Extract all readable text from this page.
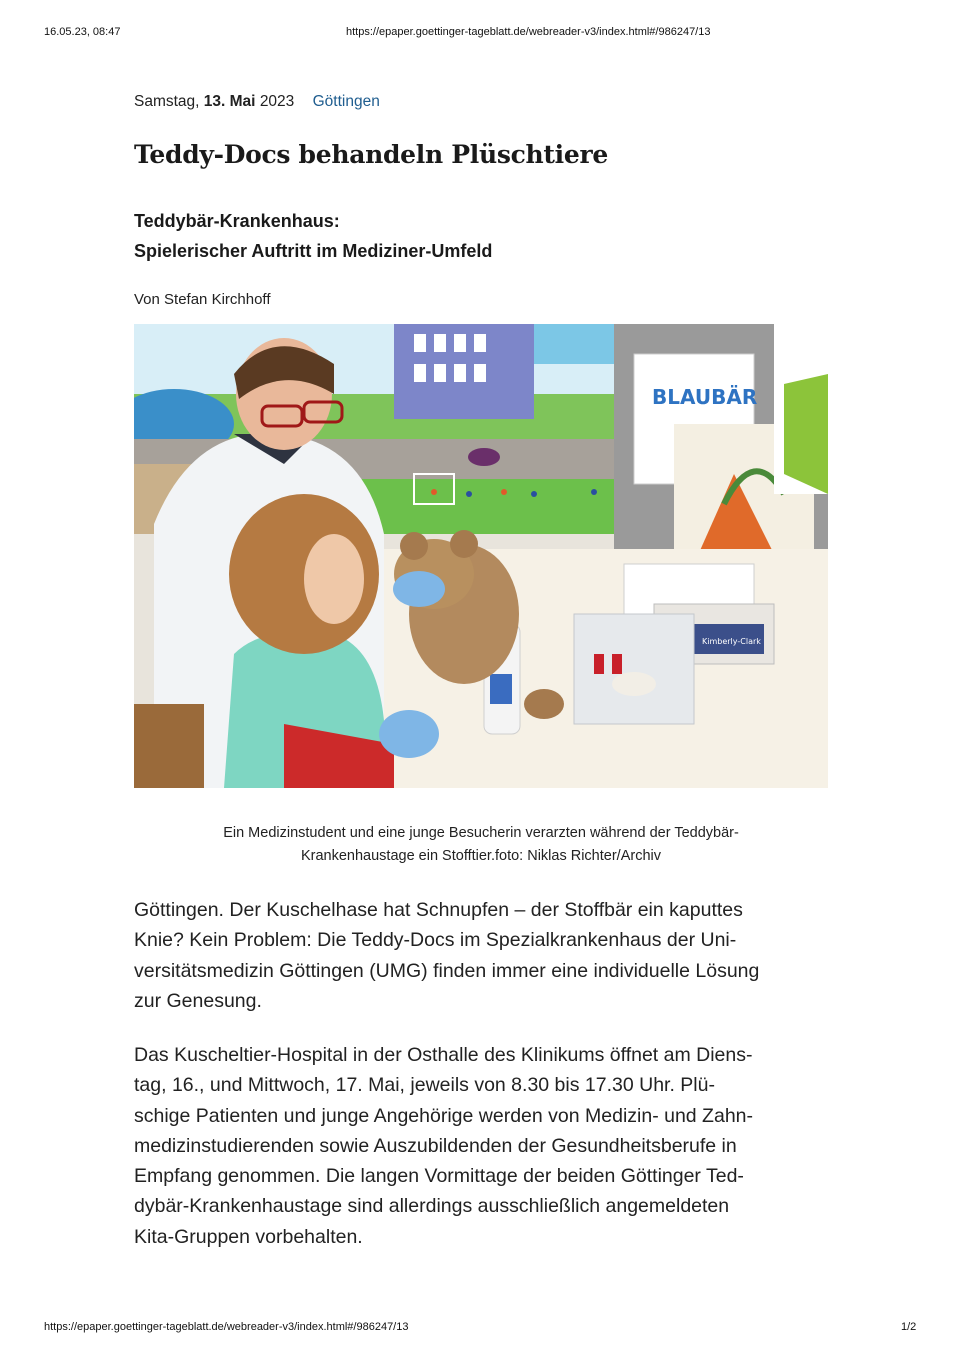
16.05.23, 08:47	https://epaper.goettinger-tageblatt.de/webreader-v3/index.html#/986247/13
Samstag, 13. Mai 2023 Göttingen
Teddy-Docs behandeln Plüschtiere
Teddybär-Krankenhaus:
Spielerischer Auftritt im Mediziner-Umfeld
Von Stefan Kirchhoff
BLAUBÄR
Kimberly-Clark
Ein Medizinstudent und eine junge Besucherin verarzten während der Teddybär-
Krankenhaustage ein Stofftier.foto: Niklas Richter/Archiv
Göttingen. Der Kuschelhase hat Schnupfen – der Stoffbär ein kaputtes
Knie? Kein Problem: Die Teddy-Docs im Spezialkrankenhaus der Uni-
versitätsmedizin Göttingen (UMG) finden immer eine individuelle Lösung
zur Genesung.
Das Kuscheltier-Hospital in der Osthalle des Klinikums öffnet am Diens-
tag, 16., und Mittwoch, 17. Mai, jeweils von 8.30 bis 17.30 Uhr. Plü-
schige Patienten und junge Angehörige werden von Medizin- und Zahn-
medizinstudierenden sowie Auszubildenden der Gesundheitsberufe in
Empfang genommen. Die langen Vormittage der beiden Göttinger Ted-
dybär-Krankenhaustage sind allerdings ausschließlich angemeldeten
Kita-Gruppen vorbehalten.
https://epaper.goettinger-tageblatt.de/webreader-v3/index.html#/986247/13	1/2
